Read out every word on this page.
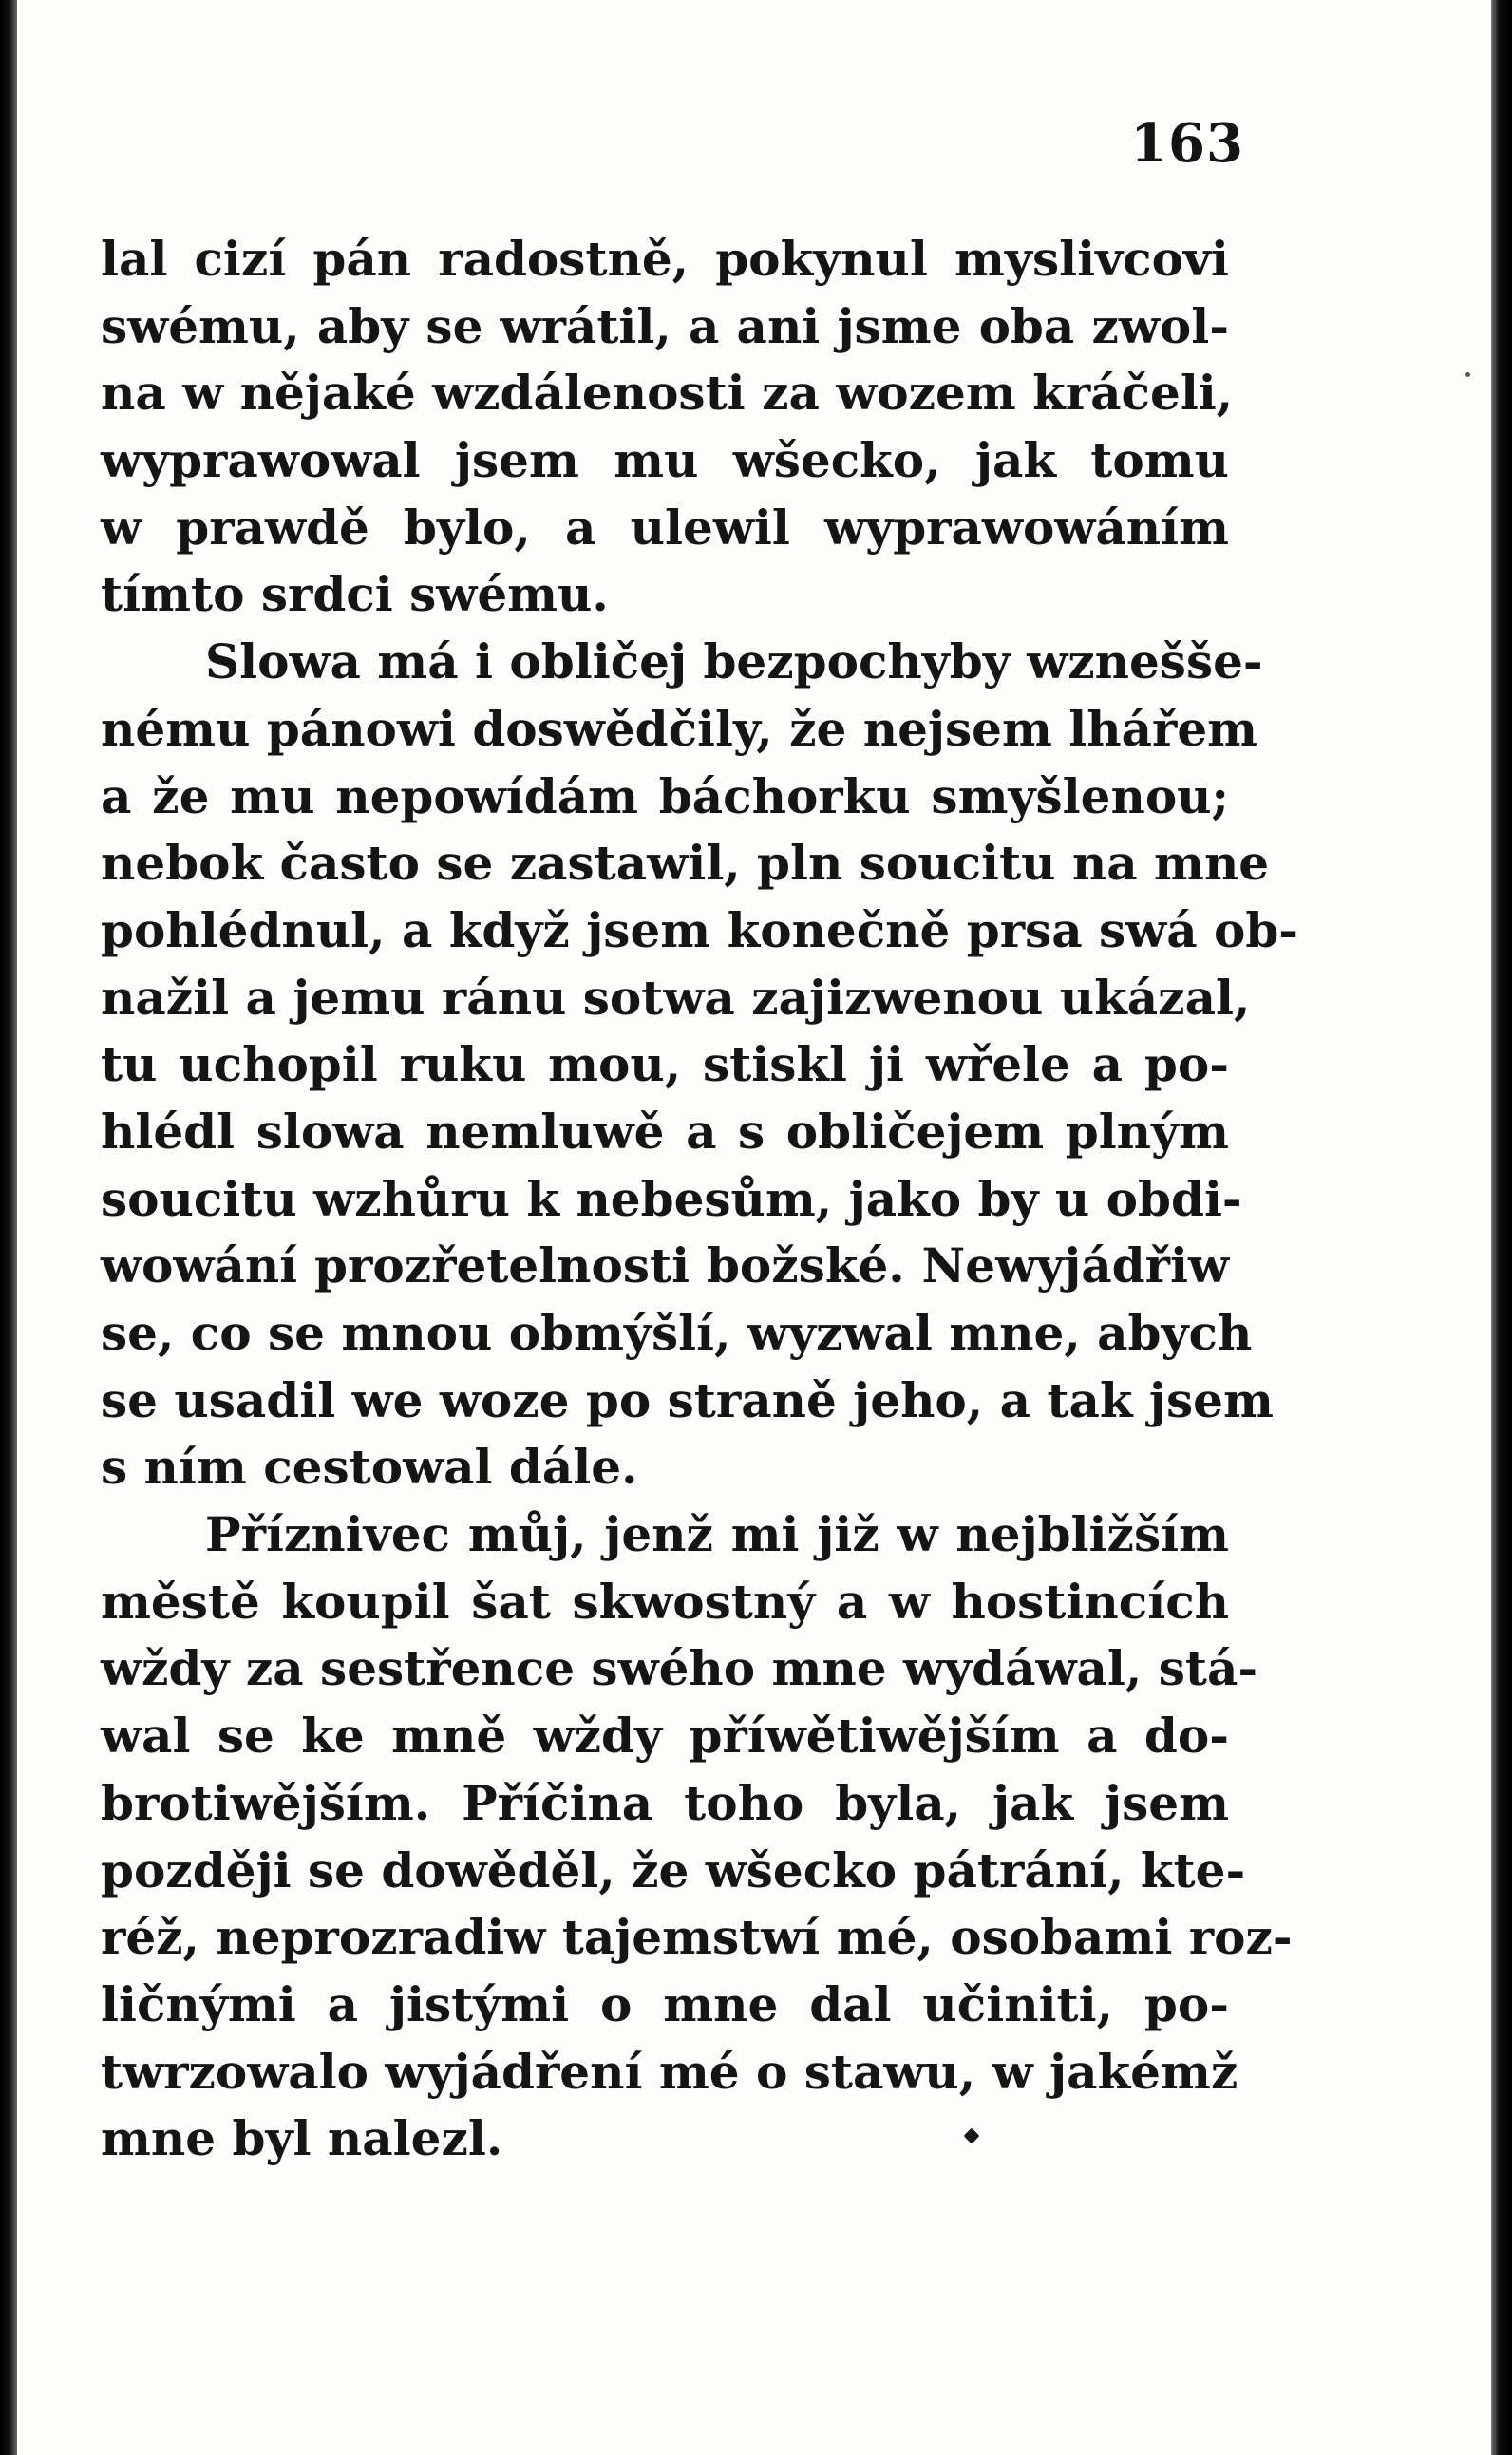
163
lal cizí pán radostně, pokynul myslivcovi
swému, aby se wrátil, a ani jsme oba zwol-
na w nějaké wzdálenosti za wozem kráčeli,
wyprawowal jsem mu wšecko, jak tomu
w prawdě bylo, a ulewil wyprawowáním
tímto srdci swému.
Slowa má i obličej bezpochyby wznešše-
nému pánowi doswědčily, že nejsem lhářem
a že mu nepowídám báchorku smyšlenou;
nebok často se zastawil, pln soucitu na mne
pohlédnul, a když jsem konečně prsa swá ob-
nažil a jemu ránu sotwa zajizwenou ukázal,
tu uchopil ruku mou, stiskl ji wřele a po-
hlédl slowa nemluwě a s obličejem plným
soucitu wzhůru k nebesům, jako by u obdi-
wowání prozřetelnosti božské. Newyjádřiw
se, co se mnou obmýšlí, wyzwal mne, abych
se usadil we woze po straně jeho, a tak jsem
s ním cestowal dále.
Příznivec můj, jenž mi již w nejbližším
městě koupil šat skwostný a w hostincích
wždy za sestřence swého mne wydáwal, stá-
wal se ke mně wždy příwětiwějším a do-
brotiwějším. Příčina toho byla, jak jsem
později se dowěděl, že wšecko pátrání, kte-
réž, neprozradiw tajemstwí mé, osobami roz-
ličnými a jistými o mne dal učiniti, po-
twrzowalo wyjádření mé o stawu, w jakémž
mne byl nalezl.
